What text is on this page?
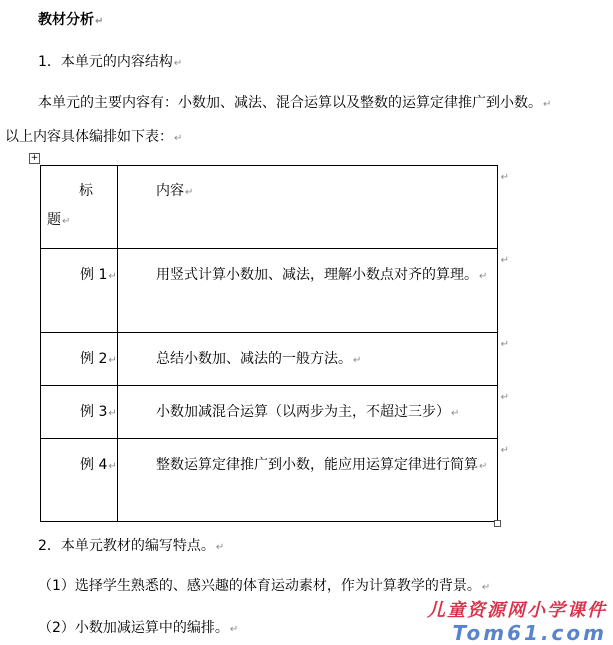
教材分析↵
1．本单元的内容结构↵
本单元的主要内容有：小数加、减法、混合运算以及整数的运算定律推广到小数。↵
以上内容具体编排如下表：↵
+
标
题↵	内容↵
↵

例 1↵	用竖式计算小数加、减法，理解小数点对齐的算理。↵
↵

例 2↵	总结小数加、减法的一般方法。↵
↵

例 3↵	小数加减混合运算（以两步为主，不超过三步）↵
↵

例 4↵	整数运算定律推广到小数，能应用运算定律进行简算↵
↵
2．本单元教材的编写特点。↵
（1）选择学生熟悉的、感兴趣的体育运动素材，作为计算教学的背景。↵
（2）小数加减运算中的编排。↵
儿童资源网小学课件
Tom61.com
